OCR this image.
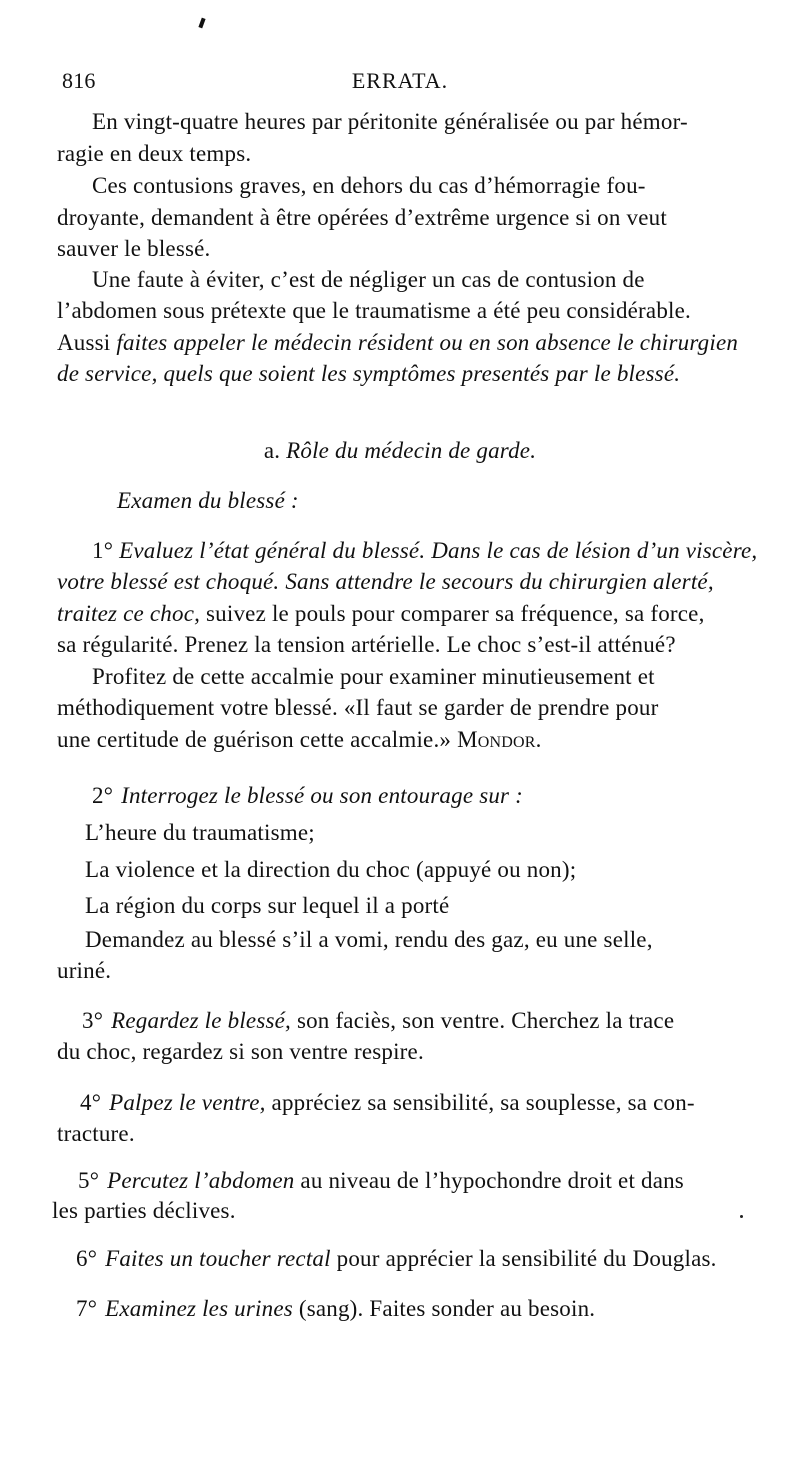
816	ERRATA.
En vingt-quatre heures par péritonite généralisée ou par hémor-
ragie en deux temps.
Ces contusions graves, en dehors du cas d’hémorragie fou-
droyante, demandent à être opérées d’extrême urgence si on veut
sauver le blessé.
Une faute à éviter, c’est de négliger un cas de contusion de
l’abdomen sous prétexte que le traumatisme a été peu considérable.
Aussi faites appeler le médecin résident ou en son absence le chirurgien
de service, quels que soient les symptômes presentés par le blessé.
a. Rôle du médecin de garde.
Examen du blessé :
1° Evaluez l’état général du blessé. Dans le cas de lésion d’un viscère,
votre blessé est choqué. Sans attendre le secours du chirurgien alerté,
traitez ce choc, suivez le pouls pour comparer sa fréquence, sa force,
sa régularité. Prenez la tension artérielle. Le choc s’est-il atténué?
Profitez de cette accalmie pour examiner minutieusement et
méthodiquement votre blessé. «Il faut se garder de prendre pour
une certitude de guérison cette accalmie.» Mondor.
2° Interrogez le blessé ou son entourage sur :
L’heure du traumatisme;
La violence et la direction du choc (appuyé ou non);
La région du corps sur lequel il a porté
Demandez au blessé s’il a vomi, rendu des gaz, eu une selle,
uriné.
3° Regardez le blessé, son faciès, son ventre. Cherchez la trace
du choc, regardez si son ventre respire.
4° Palpez le ventre, appréciez sa sensibilité, sa souplesse, sa con-
tracture.
5° Percutez l’abdomen au niveau de l’hypochondre droit et dans
les parties déclives.
6° Faites un toucher rectal pour apprécier la sensibilité du Douglas.
7° Examinez les urines (sang). Faites sonder au besoin.
